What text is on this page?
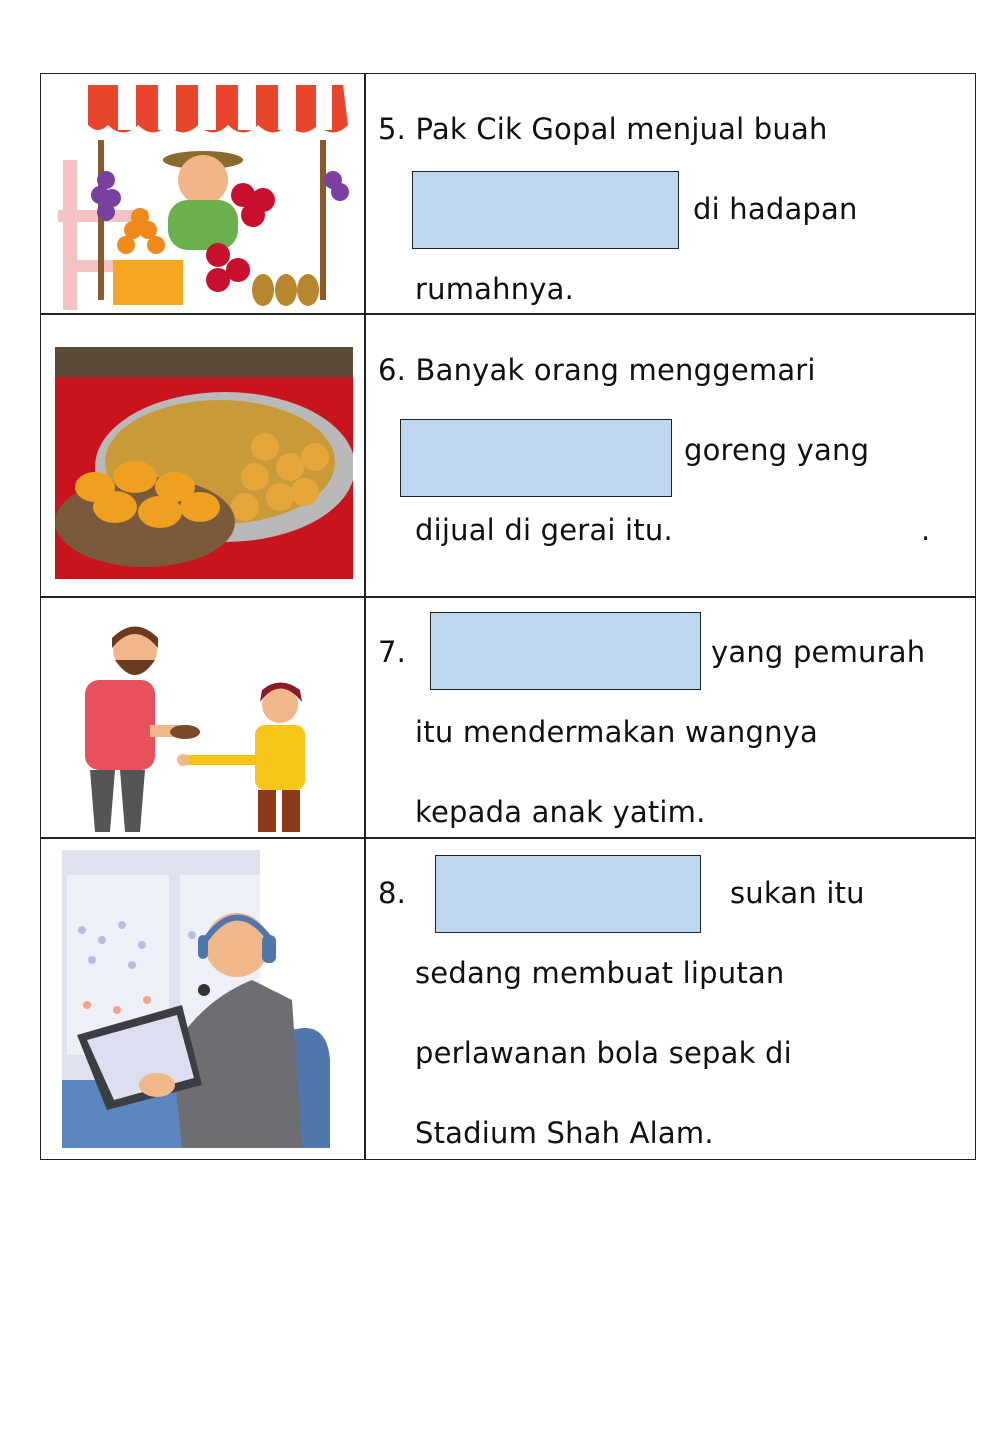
5. Pak Cik Gopal menjual buah
di hadapan
rumahnya.
6. Banyak orang menggemari
goreng yang
dijual di gerai itu.	.
7.	yang pemurah
itu mendermakan wangnya
kepada anak yatim.
8.	sukan itu
sedang membuat liputan
perlawanan bola sepak di
Stadium Shah Alam.
